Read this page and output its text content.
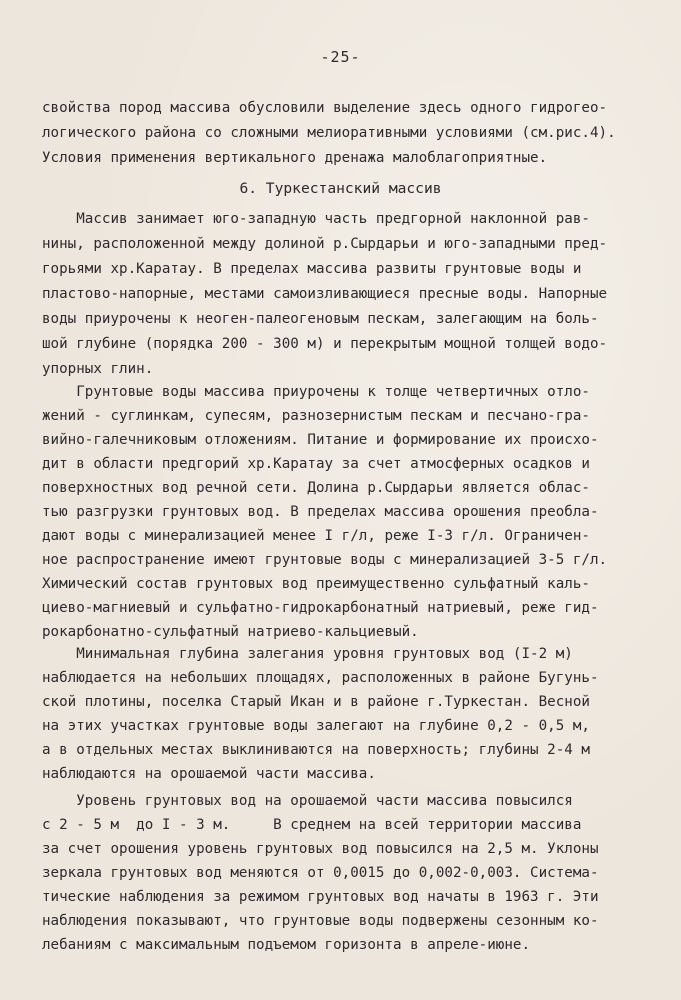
-25-
свойства пород массива обусловили выделение здесь одного гидрогео-
логического района со сложными мелиоративными условиями (см.рис.4).
Условия применения вертикального дренажа малоблагоприятные.
6. Туркестанский массив
Массив занимает юго-западную часть предгорной наклонной рав-
нины, расположенной между долиной р.Сырдарьи и юго-западными пред-
горьями хр.Каратау. В пределах массива развиты грунтовые воды и
пластово-напорные, местами самоизливающиеся пресные воды. Напорные
воды приурочены к неоген-палеогеновым пескам, залегающим на боль-
шой глубине (порядка 200 - 300 м) и перекрытым мощной толщей водо-
упорных глин.
Грунтовые воды массива приурочены к толще четвертичных отло-
жений - суглинкам, супесям, разнозернистым пескам и песчано-гра-
вийно-галечниковым отложениям. Питание и формирование их происхо-
дит в области предгорий хр.Каратау за счет атмосферных осадков и
поверхностных вод речной сети. Долина р.Сырдарьи является облас-
тью разгрузки грунтовых вод. В пределах массива орошения преобла-
дают воды с минерализацией менее I г/л, реже I-3 г/л. Ограничен-
ное распространение имеют грунтовые воды с минерализацией 3-5 г/л.
Химический состав грунтовых вод преимущественно сульфатный каль-
циево-магниевый и сульфатно-гидрокарбонатный натриевый, реже гид-
рокарбонатно-сульфатный натриево-кальциевый.
Минимальная глубина залегания уровня грунтовых вод (I-2 м)
наблюдается на небольших площадях, расположенных в районе Бугунь-
ской плотины, поселка Старый Икан и в районе г.Туркестан. Весной
на этих участках грунтовые воды залегают на глубине 0,2 - 0,5 м,
а в отдельных местах выклиниваются на поверхность; глубины 2-4 м
наблюдаются на орошаемой части массива.
Уровень грунтовых вод на орошаемой части массива повысился
с 2 - 5 м  до I - 3 м.     В среднем на всей территории массива
за счет орошения уровень грунтовых вод повысился на 2,5 м. Уклоны
зеркала грунтовых вод меняются от 0,0015 до 0,002-0,003. Системa-
тические наблюдения за режимом грунтовых вод начаты в 1963 г. Эти
наблюдения показывают, что грунтовые воды подвержены сезонным ко-
лебаниям с максимальным подъемом горизонта в апреле-июне.
